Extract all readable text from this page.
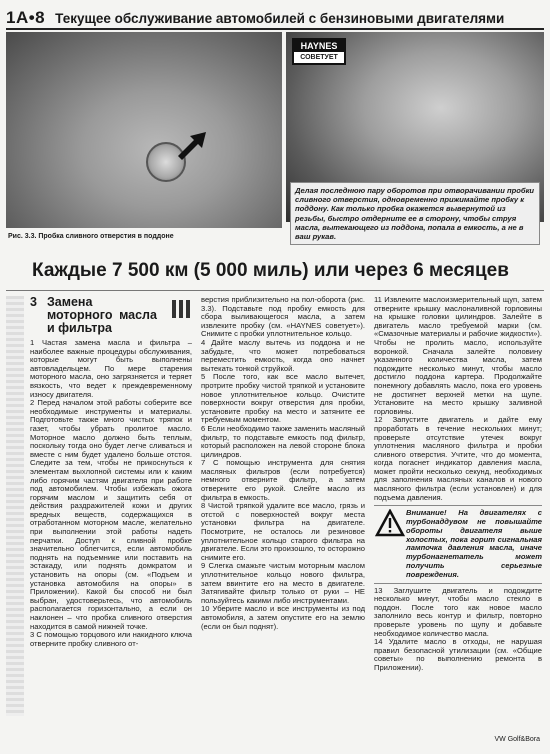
1A•8 Текущее обслуживание автомобилей с бензиновыми двигателями
Рис. 3.3. Пробка сливного отверстия в поддоне
HAYNES
СОВЕТУЕТ
Делая последнюю пару оборотов при отворачивании пробки сливного отверстия, одновременно прижимайте пробку к поддону. Как только пробка окажется вывернутой из резьбы, быстро отдерните ее в сторону, чтобы струя масла, вытекающего из поддона, попала в емкость, а не в ваш рукав.
Каждые 7 500 км (5 000 миль) или через 6 месяцев
3 Замена моторного масла и фильтра

1 Частая замена масла и фильтра – наиболее важные процедуры обслуживания, которые могут быть выполнены автовладельцем. По мере старения моторного масла, оно загрязняется и теряет вязкость, что ведет к преждевременному износу двигателя.

2 Перед началом этой работы соберите все необходимые инструменты и материалы. Подготовьте также много чистых тряпок и газет, чтобы убрать пролитое масло. Моторное масло должно быть теплым, поскольку тогда оно будет легче сливаться и вместе с ним будет удалено больше отстоя. Следите за тем, чтобы не прикоснуться к элементам выхлопной системы или к каким либо горячим частям двигателя при работе под автомобилем. Чтобы избежать ожога горячим маслом и защитить себя от действия раздражителей кожи и других вредных веществ, содержащихся в отработанном моторном масле, желательно при выполнении этой работы надеть перчатки. Доступ к сливной пробке значительно облегчится, если автомобиль поднять на подъемнике или поставить на эстакаду, или поднять домкратом и установить на опоры (см. «Подъем и установка автомобиля на опоры» в Приложении). Какой бы способ ни был выбран, удостоверьтесь, что автомобиль располагается горизонтально, а если он наклонен – что пробка сливного отверстия находится в самой нижней точке.

3 С помощью торцового или накидного ключа отверните пробку сливного от-

верстия приблизительно на пол-оборота (рис. 3.3). Подставьте под пробку емкость для сбора выливающегося масла, а затем извлеките пробку (см. «HAYNES советует»). Снимите с пробки уплотнительное кольцо.

4 Дайте маслу вытечь из поддона и не забудьте, что может потребоваться переместить емкость, когда оно начнет вытекать тонкой струйкой.

5 После того, как все масло вытечет, протрите пробку чистой тряпкой и установите новое уплотнительное кольцо. Очистите поверхности вокруг отверстия для пробки, установите пробку на место и затяните ее требуемым моментом.

6 Если необходимо также заменить масляный фильтр, то подставьте емкость под фильтр, который расположен на левой стороне блока цилиндров.

7 С помощью инструмента для снятия масляных фильтров (если потребуется) немного отверните фильтр, а затем отверните его рукой. Слейте масло из фильтра в емкость.

8 Чистой тряпкой удалите все масло, грязь и отстой с поверхностей вокруг места установки фильтра на двигателе. Посмотрите, не осталось ли резиновое уплотнительное кольцо старого фильтра на двигателе. Если это произошло, то осторожно снимите его.

9 Слегка смажьте чистым моторным маслом уплотнительное кольцо нового фильтра, затем ввинтите его на место в двигателе. Затягивайте фильтр только от руки – НЕ пользуйтесь какими либо инструментами.

10 Уберите масло и все инструменты из под автомобиля, а затем опустите его на землю (если он был поднят).

11 Извлеките маслоизмерительный щуп, затем отверните крышку маслоналивной горловины на крышке головки цилиндров. Залейте в двигатель масло требуемой марки (см. «Смазочные материалы и рабочие жидкости»). Чтобы не пролить масло, используйте воронкой. Сначала залейте половину указанного количества масла, затем подождите несколько минут, чтобы масло достигло поддона картера. Продолжайте понемногу добавлять масло, пока его уровень не достигнет верхней метки на щупе. Установите на место крышку заливной горловины.

12 Запустите двигатель и дайте ему проработать в течение нескольких минут; проверьте отсутствие утечек вокруг уплотнения масляного фильтра и пробки сливного отверстия. Учтите, что до момента, когда погаснет индикатор давления масла, может пройти несколько секунд, необходимых для заполнения масляных каналов и нового масляного фильтра (если установлен) и для подъема давления.

Внимание! На двигателях с турбонаддувом не повышайте обороты двигателя выше холостых, пока горит сигнальная лампочка давления масла, иначе турбонагнетатель может получить серьезные повреждения.

13 Заглушите двигатель и подождите несколько минут, чтобы масло стекло в поддон. После того как новое масло заполнило весь контур и фильтр, повторно проверьте уровень по щупу и добавьте необходимое количество масла.

14 Удалите масло в отходы, не нарушая правил безопасной утилизации (см. «Общие советы» по выполнению ремонта в Приложении).

VW Golf&Bora
